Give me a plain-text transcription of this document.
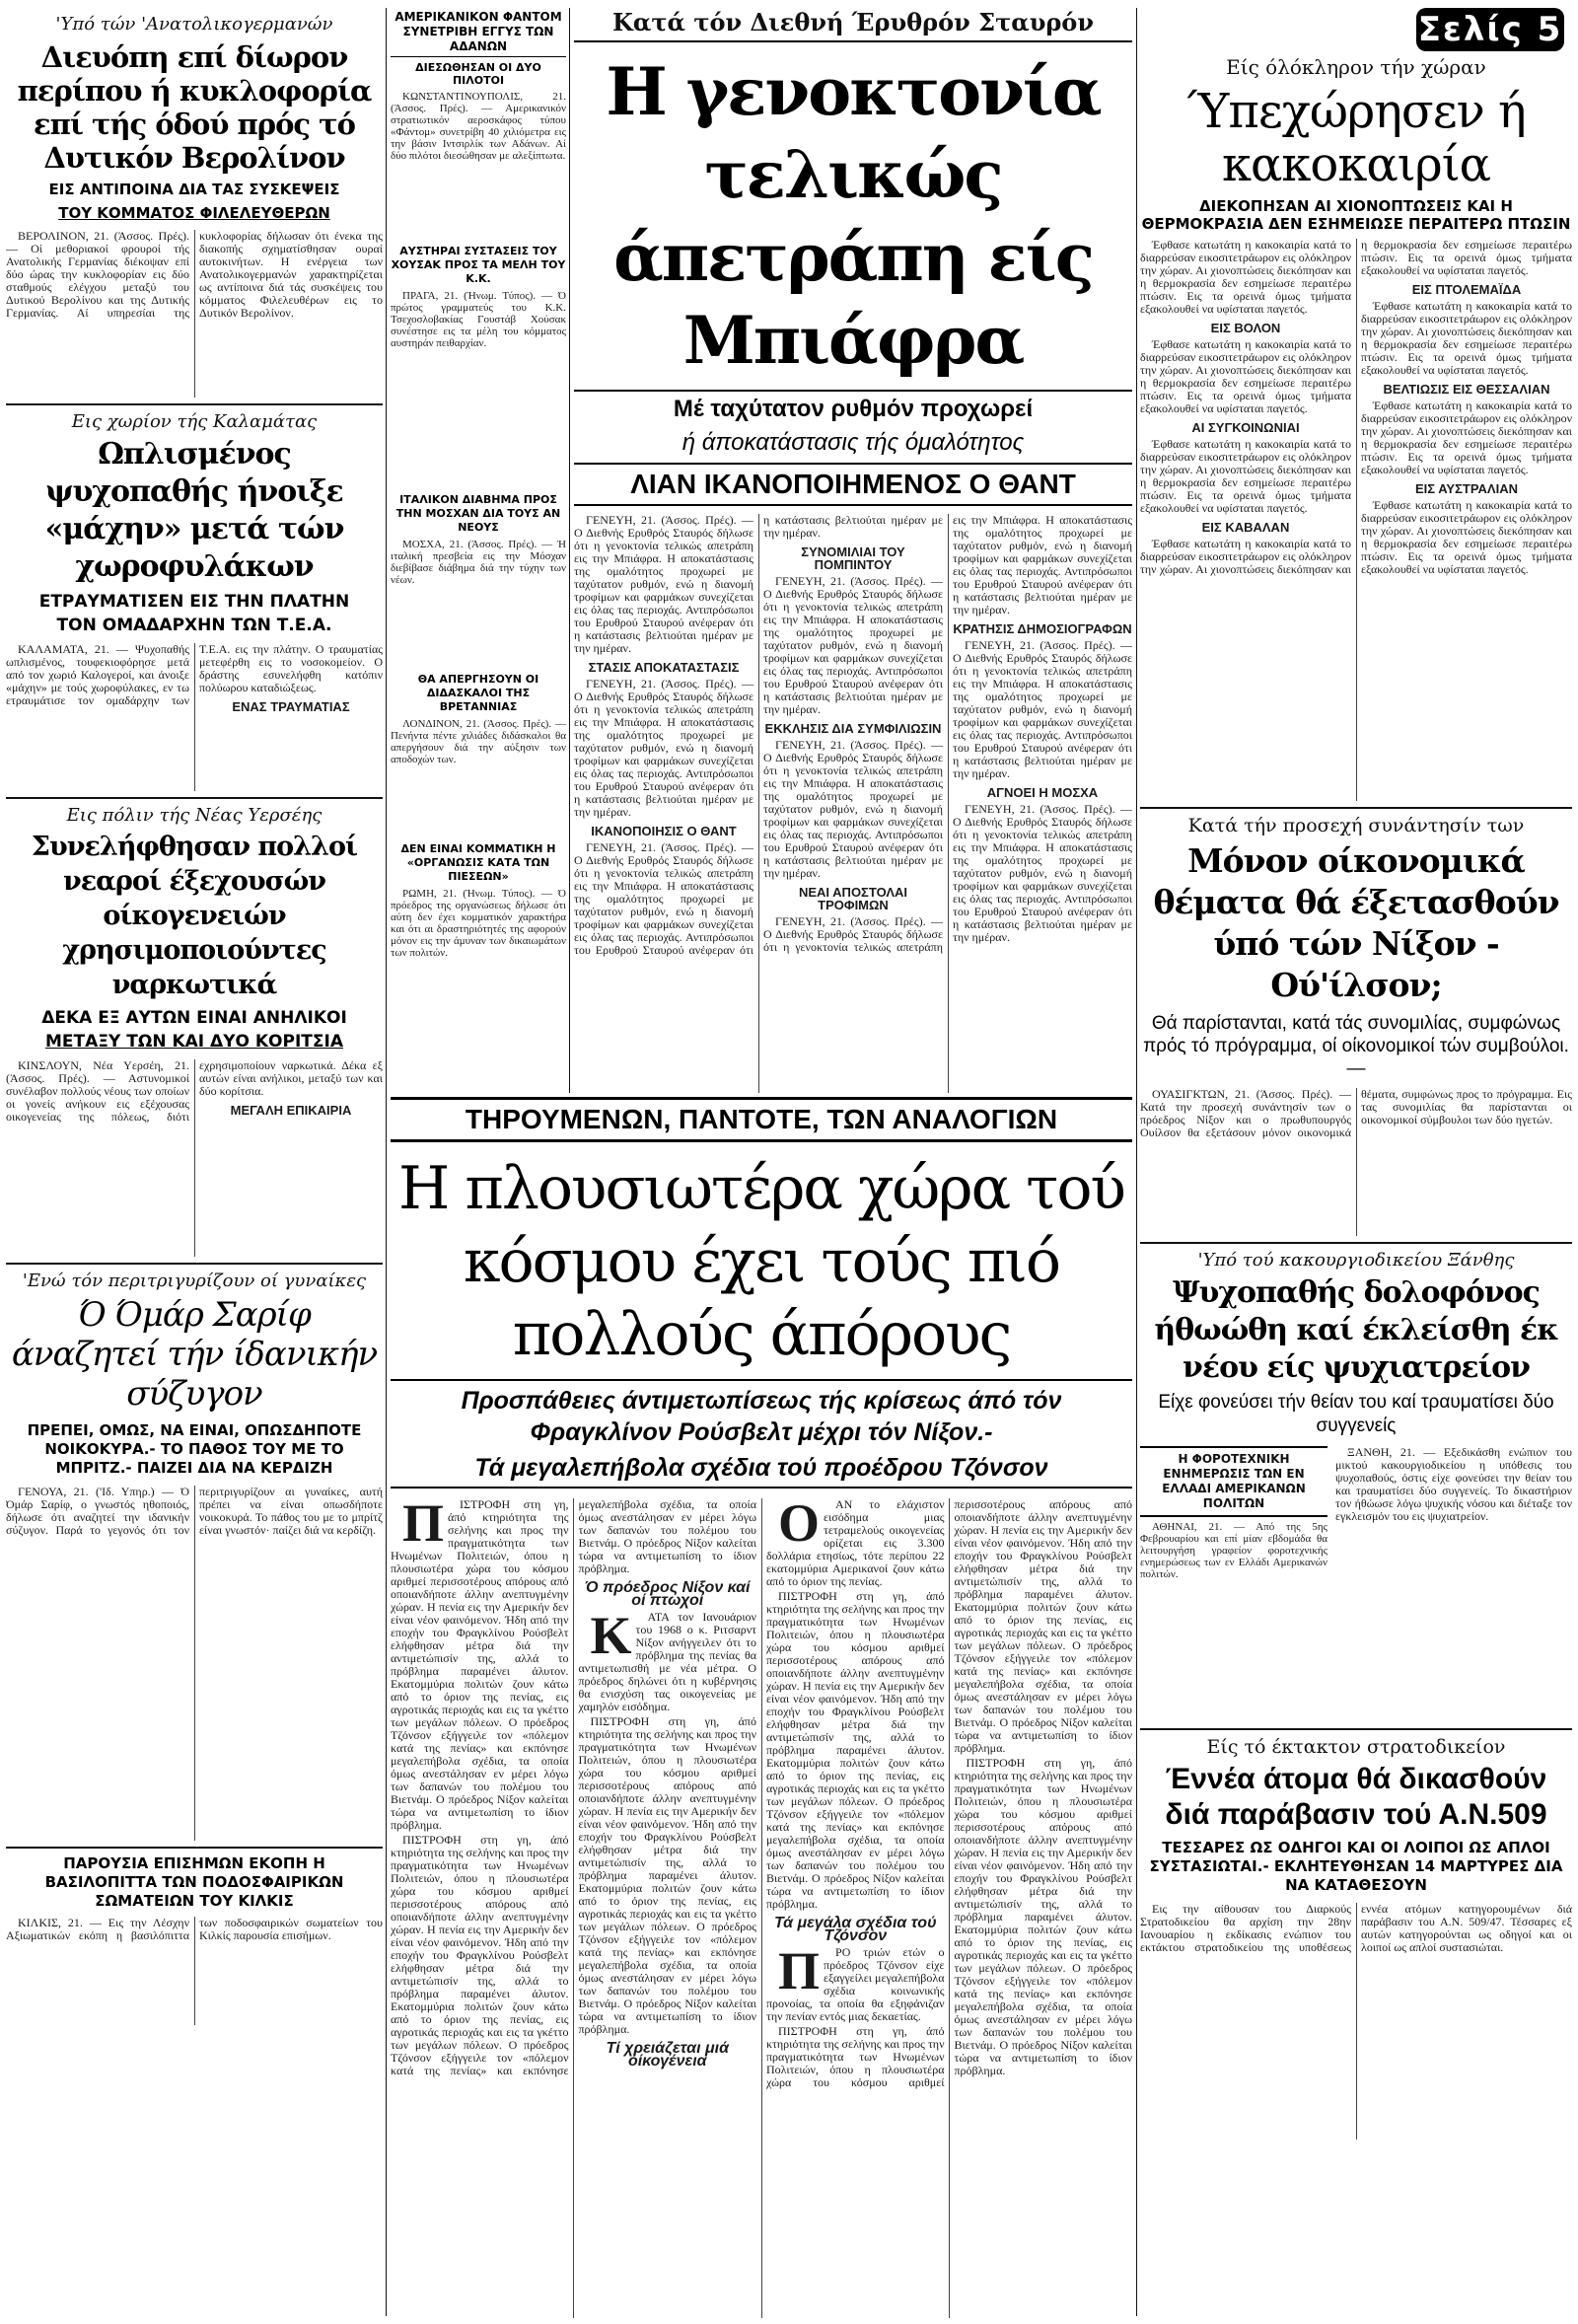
'Υπό τών 'Ανατολικογερμανών
Διευόπη επί δίωρον περίπου ή κυκλοφορία επί τής όδού πρός τό Δυτικόν Βερολίνον
ΕΙΣ ΑΝΤΙΠΟΙΝΑ ΔΙΑ ΤΑΣ ΣΥΣΚΕΨΕΙΣ
ΤΟΥ ΚΟΜΜΑΤΟΣ ΦΙΛΕΛΕΥΘΕΡΩΝ

ΒΕΡΟΛΙΝΟΝ, 21. (Άσσος. Πρές). — Οί μεθοριακοί φρουροί τής Ανατολικής Γερμανίας διέκοψαν επί δύο ώρας την κυκλοφορίαν εις δύο σταθμούς ελέγχου μεταξύ του Δυτικού Βερολίνου και της Δυτικής Γερμανίας. Αί υπηρεσίαι της κυκλοφορίας δήλωσαν ότι ένεκα της διακοπής σχηματίσθησαν ουραί αυτοκινήτων. Η ενέργεια των Ανατολικογερμανών χαρακτηρίζεται ως αντίποινα διά τάς συσκέψεις του κόμματος Φιλελευθέρων εις το Δυτικόν Βερολίνον.

Εις χωρίον τής Καλαμάτας
Ωπλισμένος ψυχοπαθής ήνοιξε «μάχην» μετά τών χωροφυλάκων
ΕΤΡΑΥΜΑΤΙΣΕΝ ΕΙΣ ΤΗΝ ΠΛΑΤΗΝ
ΤΟΝ ΟΜΑΔΑΡΧΗΝ ΤΩΝ Τ.Ε.Α.

ΚΑΛΑΜΑΤΑ, 21. — Ψυχοπαθής ωπλισμένος, τουφεκιοφόρησε μετά από τον χωριό Καλογεροί, και άνοιξε «μάχην» με τούς χωροφύλακες, εν τω ετραυμάτισε τον ομαδάρχην των Τ.Ε.Α. εις την πλάτην. Ο τραυματίας μετεφέρθη εις το νοσοκομείον. Ο δράστης εσυνελήφθη κατόπιν πολύωρου καταδιώξεως.

ΕΝΑΣ ΤΡΑΥΜΑΤΙΑΣ
Εις πόλιν τής Νέας Υερσέης
Συνελήφθησαν πολλοί νεαροί έξεχουσών οίκογενειών χρησιμοποιούντες ναρκωτικά
ΔΕΚΑ ΕΞ ΑΥΤΩΝ ΕΙΝΑΙ ΑΝΗΛΙΚΟΙ
ΜΕΤΑΞΥ ΤΩΝ ΚΑΙ ΔΥΟ ΚΟΡΙΤΣΙΑ

ΚΙΝΣΛΟΥΝ, Νέα Υερσέη, 21. (Άσσος. Πρές). — Αστυνομικοί συνέλαβον πολλούς νέους των οποίων οι γονείς ανήκουν εις εξέχουσας οικογενείας της πόλεως, διότι εχρησιμοποίουν ναρκωτικά. Δέκα εξ αυτών είναι ανήλικοι, μεταξύ των και δύο κορίτσια.

ΜΕΓΑΛΗ ΕΠΙΚΑΙΡΙΑ
'Ενώ τόν περιτριγυρίζουν οί γυναίκες
Ό Όμάρ Σαρίφ άναζητεί τήν ίδανικήν σύζυγον
ΠΡΕΠΕΙ, ΟΜΩΣ, ΝΑ ΕΙΝΑΙ, ΟΠΩΣΔΗΠΟΤΕ ΝΟΙΚΟΚΥΡΑ.- ΤΟ ΠΑΘΟΣ ΤΟΥ ΜΕ ΤΟ ΜΠΡΙΤΖ.- ΠΑΙΖΕΙ ΔΙΑ ΝΑ ΚΕΡΔΙΖΗ

ΓΕΝΟΥΑ, 21. ('Ιδ. Υπηρ.) — Ό Όμάρ Σαρίφ, ο γνωστός ηθοποιός, δήλωσε ότι αναζητεί την ιδανικήν σύζυγον. Παρά το γεγονός ότι τον περιτριγυρίζουν αι γυναίκες, αυτή πρέπει να είναι οπωσδήποτε νοικοκυρά. Το πάθος του με το μπρίτζ είναι γνωστόν· παίζει διά να κερδίζη.

ΠΑΡΟΥΣΙΑ ΕΠΙΣΗΜΩΝ ΕΚΟΠΗ Η ΒΑΣΙΛΟΠΙΤΤΑ ΤΩΝ ΠΟΔΟΣΦΑΙΡΙΚΩΝ ΣΩΜΑΤΕΙΩΝ ΤΟΥ ΚΙΛΚΙΣ

ΚΙΛΚΙΣ, 21. — Εις την Λέσχην Αξιωματικών εκόπη η βασιλόπιττα των ποδοσφαιρικών σωματείων του Κιλκίς παρουσία επισήμων.

ΑΜΕΡΙΚΑΝΙΚΟΝ ΦΑΝΤΟΜ ΣΥΝΕΤΡΙΒΗ ΕΓΓΥΣ ΤΩΝ ΑΔΑΝΩΝ
ΔΙΕΣΩΘΗΣΑΝ ΟΙ ΔΥΟ ΠΙΛΟΤΟΙ

ΚΩΝΣΤΑΝΤΙΝΟΥΠΟΛΙΣ, 21. (Άσσος. Πρές). — Αμερικανικόν στρατιωτικόν αεροσκάφος τύπου «Φάντομ» συνετρίβη 40 χιλιόμετρα εις την βάσιν Ιντσιρλίκ των Αδάνων. Αί δύο πιλότοι διεσώθησαν με αλεξίπτωτα.

ΑΥΣΤΗΡΑΙ ΣΥΣΤΑΣΕΙΣ ΤΟΥ ΧΟΥΣΑΚ ΠΡΟΣ ΤΑ ΜΕΛΗ ΤΟΥ Κ.Κ.

ΠΡΑΓΑ, 21. (Ήνωμ. Τύπος). — Ό πρώτος γραμματεύς του Κ.Κ. Τσεχοσλοβακίας Γουστάβ Χούσακ συνέστησε εις τα μέλη του κόμματος αυστηράν πειθαρχίαν.

ΙΤΑΛΙΚΟΝ ΔΙΑΒΗΜΑ ΠΡΟΣ ΤΗΝ ΜΟΣΧΑΝ ΔΙΑ ΤΟΥΣ ΑΝ ΝΕΟΥΣ

ΜΟΣΧΑ, 21. (Άσσος. Πρές). — Ή ιταλική πρεσβεία εις την Μόσχαν διεβίβασε διάβημα διά την τύχην των νέων.

ΘΑ ΑΠΕΡΓΗΣΟΥΝ ΟΙ ΔΙΔΑΣΚΑΛΟΙ ΤΗΣ ΒΡΕΤΑΝΝΙΑΣ

ΛΟΝΔΙΝΟΝ, 21. (Άσσος. Πρές). — Πενήντα πέντε χιλιάδες διδάσκαλοι θα απεργήσουν διά την αύξησιν των αποδοχών των.

ΔΕΝ ΕΙΝΑΙ ΚΟΜΜΑΤΙΚΗ Η «ΟΡΓΑΝΩΣΙΣ ΚΑΤΑ ΤΩΝ ΠΙΕΣΕΩΝ»

ΡΩΜΗ, 21. (Ήνωμ. Τύπος). — Ό πρόεδρος της οργανώσεως δήλωσε ότι αύτη δεν έχει κομματικόν χαρακτήρα και ότι αι δραστηριότητές της αφορούν μόνον εις την άμυναν των δικαιωμάτων των πολιτών.

Κατά τόν Διεθνή Έρυθρόν Σταυρόν
Η γενοκτονία τελικώς άπετράπη είς Μπιάφρα
Μέ ταχύτατον ρυθμόν προχωρεί
ή άποκατάστασις τής όμαλότητος
ΛΙΑΝ ΙΚΑΝΟΠΟΙΗΜΕΝΟΣ Ο ΘΑΝΤ

ΓΕΝΕΥΗ, 21. (Άσσος. Πρές). — Ο Διεθνής Ερυθρός Σταυρός δήλωσε ότι η γενοκτονία τελικώς απετράπη εις την Μπιάφρα. Η αποκατάστασις της ομαλότητος προχωρεί με ταχύτατον ρυθμόν, ενώ η διανομή τροφίμων και φαρμάκων συνεχίζεται εις όλας τας περιοχάς. Αντιπρόσωποι του Ερυθρού Σταυρού ανέφεραν ότι η κατάστασις βελτιούται ημέραν με την ημέραν.

ΣΤΑΣΙΣ ΑΠΟΚΑΤΑΣΤΑΣΙΣ

ΓΕΝΕΥΗ, 21. (Άσσος. Πρές). — Ο Διεθνής Ερυθρός Σταυρός δήλωσε ότι η γενοκτονία τελικώς απετράπη εις την Μπιάφρα. Η αποκατάστασις της ομαλότητος προχωρεί με ταχύτατον ρυθμόν, ενώ η διανομή τροφίμων και φαρμάκων συνεχίζεται εις όλας τας περιοχάς. Αντιπρόσωποι του Ερυθρού Σταυρού ανέφεραν ότι η κατάστασις βελτιούται ημέραν με την ημέραν.

ΙΚΑΝΟΠΟΙΗΣΙΣ Ο ΘΑΝΤ

ΓΕΝΕΥΗ, 21. (Άσσος. Πρές). — Ο Διεθνής Ερυθρός Σταυρός δήλωσε ότι η γενοκτονία τελικώς απετράπη εις την Μπιάφρα. Η αποκατάστασις της ομαλότητος προχωρεί με ταχύτατον ρυθμόν, ενώ η διανομή τροφίμων και φαρμάκων συνεχίζεται εις όλας τας περιοχάς. Αντιπρόσωποι του Ερυθρού Σταυρού ανέφεραν ότι η κατάστασις βελτιούται ημέραν με την ημέραν.

ΣΥΝΟΜΙΛΙΑΙ ΤΟΥ ΠΟΜΠΙΝΤΟΥ

ΓΕΝΕΥΗ, 21. (Άσσος. Πρές). — Ο Διεθνής Ερυθρός Σταυρός δήλωσε ότι η γενοκτονία τελικώς απετράπη εις την Μπιάφρα. Η αποκατάστασις της ομαλότητος προχωρεί με ταχύτατον ρυθμόν, ενώ η διανομή τροφίμων και φαρμάκων συνεχίζεται εις όλας τας περιοχάς. Αντιπρόσωποι του Ερυθρού Σταυρού ανέφεραν ότι η κατάστασις βελτιούται ημέραν με την ημέραν.

ΕΚΚΛΗΣΙΣ ΔΙΑ ΣΥΜΦΙΛΙΩΣΙΝ

ΓΕΝΕΥΗ, 21. (Άσσος. Πρές). — Ο Διεθνής Ερυθρός Σταυρός δήλωσε ότι η γενοκτονία τελικώς απετράπη εις την Μπιάφρα. Η αποκατάστασις της ομαλότητος προχωρεί με ταχύτατον ρυθμόν, ενώ η διανομή τροφίμων και φαρμάκων συνεχίζεται εις όλας τας περιοχάς. Αντιπρόσωποι του Ερυθρού Σταυρού ανέφεραν ότι η κατάστασις βελτιούται ημέραν με την ημέραν.

ΝΕΑΙ ΑΠΟΣΤΟΛΑΙ ΤΡΟΦΙΜΩΝ

ΓΕΝΕΥΗ, 21. (Άσσος. Πρές). — Ο Διεθνής Ερυθρός Σταυρός δήλωσε ότι η γενοκτονία τελικώς απετράπη εις την Μπιάφρα. Η αποκατάστασις της ομαλότητος προχωρεί με ταχύτατον ρυθμόν, ενώ η διανομή τροφίμων και φαρμάκων συνεχίζεται εις όλας τας περιοχάς. Αντιπρόσωποι του Ερυθρού Σταυρού ανέφεραν ότι η κατάστασις βελτιούται ημέραν με την ημέραν.

ΚΡΑΤΗΣΙΣ ΔΗΜΟΣΙΟΓΡΑΦΩΝ

ΓΕΝΕΥΗ, 21. (Άσσος. Πρές). — Ο Διεθνής Ερυθρός Σταυρός δήλωσε ότι η γενοκτονία τελικώς απετράπη εις την Μπιάφρα. Η αποκατάστασις της ομαλότητος προχωρεί με ταχύτατον ρυθμόν, ενώ η διανομή τροφίμων και φαρμάκων συνεχίζεται εις όλας τας περιοχάς. Αντιπρόσωποι του Ερυθρού Σταυρού ανέφεραν ότι η κατάστασις βελτιούται ημέραν με την ημέραν.

ΑΓΝΟΕΙ Η ΜΟΣΧΑ

ΓΕΝΕΥΗ, 21. (Άσσος. Πρές). — Ο Διεθνής Ερυθρός Σταυρός δήλωσε ότι η γενοκτονία τελικώς απετράπη εις την Μπιάφρα. Η αποκατάστασις της ομαλότητος προχωρεί με ταχύτατον ρυθμόν, ενώ η διανομή τροφίμων και φαρμάκων συνεχίζεται εις όλας τας περιοχάς. Αντιπρόσωποι του Ερυθρού Σταυρού ανέφεραν ότι η κατάστασις βελτιούται ημέραν με την ημέραν.

Σελίς 5
Είς όλόκληρον τήν χώραν
Ύπεχώρησεν ή κακοκαιρία
ΔΙΕΚΟΠΗΣΑΝ ΑΙ ΧΙΟΝΟΠΤΩΣΕΙΣ ΚΑΙ Η ΘΕΡΜΟΚΡΑΣΙΑ ΔΕΝ ΕΣΗΜΕΙΩΣΕ ΠΕΡΑΙΤΕΡΩ ΠΤΩΣΙΝ

Έφθασε κατωτάτη η κακοκαιρία κατά το διαρρεύσαν εικοσιτετράωρον εις ολόκληρον την χώραν. Αι χιονοπτώσεις διεκόπησαν και η θερμοκρασία δεν εσημείωσε περαιτέρω πτώσιν. Εις τα ορεινά όμως τμήματα εξακολουθεί να υφίσταται παγετός.

ΕΙΣ ΒΟΛΟΝ

Έφθασε κατωτάτη η κακοκαιρία κατά το διαρρεύσαν εικοσιτετράωρον εις ολόκληρον την χώραν. Αι χιονοπτώσεις διεκόπησαν και η θερμοκρασία δεν εσημείωσε περαιτέρω πτώσιν. Εις τα ορεινά όμως τμήματα εξακολουθεί να υφίσταται παγετός.

ΑΙ ΣΥΓΚΟΙΝΩΝΙΑΙ

Έφθασε κατωτάτη η κακοκαιρία κατά το διαρρεύσαν εικοσιτετράωρον εις ολόκληρον την χώραν. Αι χιονοπτώσεις διεκόπησαν και η θερμοκρασία δεν εσημείωσε περαιτέρω πτώσιν. Εις τα ορεινά όμως τμήματα εξακολουθεί να υφίσταται παγετός.

ΕΙΣ ΚΑΒΑΛΑΝ

Έφθασε κατωτάτη η κακοκαιρία κατά το διαρρεύσαν εικοσιτετράωρον εις ολόκληρον την χώραν. Αι χιονοπτώσεις διεκόπησαν και η θερμοκρασία δεν εσημείωσε περαιτέρω πτώσιν. Εις τα ορεινά όμως τμήματα εξακολουθεί να υφίσταται παγετός.

ΕΙΣ ΠΤΟΛΕΜΑΪΔΑ

Έφθασε κατωτάτη η κακοκαιρία κατά το διαρρεύσαν εικοσιτετράωρον εις ολόκληρον την χώραν. Αι χιονοπτώσεις διεκόπησαν και η θερμοκρασία δεν εσημείωσε περαιτέρω πτώσιν. Εις τα ορεινά όμως τμήματα εξακολουθεί να υφίσταται παγετός.

ΒΕΛΤΙΩΣΙΣ ΕΙΣ ΘΕΣΣΑΛΙΑΝ

Έφθασε κατωτάτη η κακοκαιρία κατά το διαρρεύσαν εικοσιτετράωρον εις ολόκληρον την χώραν. Αι χιονοπτώσεις διεκόπησαν και η θερμοκρασία δεν εσημείωσε περαιτέρω πτώσιν. Εις τα ορεινά όμως τμήματα εξακολουθεί να υφίσταται παγετός.

ΕΙΣ ΑΥΣΤΡΑΛΙΑΝ

Έφθασε κατωτάτη η κακοκαιρία κατά το διαρρεύσαν εικοσιτετράωρον εις ολόκληρον την χώραν. Αι χιονοπτώσεις διεκόπησαν και η θερμοκρασία δεν εσημείωσε περαιτέρω πτώσιν. Εις τα ορεινά όμως τμήματα εξακολουθεί να υφίσταται παγετός.

Κατά τήν προσεχή συνάντησίν των
Μόνον οίκονομικά θέματα θά έξετασθούν ύπό τών Νίξον - Ού'ίλσον;
Θά παρίστανται, κατά τάς συνομιλίας, συμφώνως πρός τό πρόγραμμα, οί οίκονομικοί τών συμβούλοι.—

ΟΥΑΣΙΓΚΤΩΝ, 21. (Άσσος. Πρές). — Κατά την προσεχή συνάντησίν των ο πρόεδρος Νίξον και ο πρωθυπουργός Ουίλσον θα εξετάσουν μόνον οικονομικά θέματα, συμφώνως προς το πρόγραμμα. Εις τας συνομιλίας θα παρίστανται οι οικονομικοί σύμβουλοι των δύο ηγετών.

'Υπό τού κακουργιοδικείου Ξάνθης
Ψυχοπαθής δολοφόνος ήθωώθη καί έκλείσθη έκ νέου είς ψυχιατρείον
Είχε φονεύσει τήν θείαν του καί τραυματίσει δύο συγγενείς
Η ΦΟΡΟΤΕΧΝΙΚΗ ΕΝΗΜΕΡΩΣΙΣ ΤΩΝ ΕΝ ΕΛΛΑΔΙ ΑΜΕΡΙΚΑΝΩΝ ΠΟΛΙΤΩΝ

ΑΘΗΝΑΙ, 21. — Από της 5ης Φεβρουαρίου και επί μίαν εβδομάδα θα λειτουργήση γραφείον φοροτεχνικής ενημερώσεως των εν Ελλάδι Αμερικανών πολιτών.

ΞΑΝΘΗ, 21. — Εξεδικάσθη ενώπιον του μικτού κακουργιοδικείου η υπόθεσις του ψυχοπαθούς, όστις είχε φονεύσει την θείαν του και τραυματίσει δύο συγγενείς. Το δικαστήριον τον ήθώωσε λόγω ψυχικής νόσου και διέταξε τον εγκλεισμόν του εις ψυχιατρείον.

Είς τό έκτακτον στρατοδικείον
Έννέα άτομα θά δικασθούν διά παράβασιν τού Α.Ν.509
ΤΕΣΣΑΡΕΣ ΩΣ ΟΔΗΓΟΙ ΚΑΙ ΟΙ ΛΟΙΠΟΙ ΩΣ ΑΠΛΟΙ ΣΥΣΤΑΣΙΩΤΑΙ.- ΕΚΛΗΤΕΥΘΗΣΑΝ 14 ΜΑΡΤΥΡΕΣ ΔΙΑ ΝΑ ΚΑΤΑΘΕΣΟΥΝ

Εις την αίθουσαν του Διαρκούς Στρατοδικείου θα αρχίση την 28ην Ιανουαρίου η εκδίκασις ενώπιον του εκτάκτου στρατοδικείου της υποθέσεως εννέα ατόμων κατηγορουμένων διά παράβασιν του Α.Ν. 509/47. Τέσσαρες εξ αυτών κατηγορούνται ως οδηγοί και οι λοιποί ως απλοί συστασιώται.

ΤΗΡΟΥΜΕΝΩΝ, ΠΑΝΤΟΤΕ, ΤΩΝ ΑΝΑΛΟΓΙΩΝ
Η πλουσιωτέρα χώρα τού κόσμου έχει τούς πιό πολλούς άπόρους
Προσπάθειες άντιμετωπίσεως τής κρίσεως άπό τόν Φραγκλίνον Ρούσβελτ μέχρι τόν Νίξον.-
Τά μεγαλεπήβολα σχέδια τού προέδρου Τζόνσον

ΠΙΣΤΡΟΦΗ στη γη, άπό κτηριότητα της σελήνης και προς την πραγματικότητα των Ηνωμένων Πολιτειών, όπου η πλουσιωτέρα χώρα του κόσμου αριθμεί περισσοτέρους απόρους από οποιανδήποτε άλλην ανεπτυγμένην χώραν. Η πενία εις την Αμερικήν δεν είναι νέον φαινόμενον. Ήδη από την εποχήν του Φραγκλίνου Ρούσβελτ ελήφθησαν μέτρα διά την αντιμετώπισίν της, αλλά το πρόβλημα παραμένει άλυτον. Εκατομμύρια πολιτών ζουν κάτω από το όριον της πενίας, εις αγροτικάς περιοχάς και εις τα γκέττο των μεγάλων πόλεων. Ο πρόεδρος Τζόνσον εξήγγειλε τον «πόλεμον κατά της πενίας» και εκπόνησε μεγαλεπήβολα σχέδια, τα οποία όμως ανεστάλησαν εν μέρει λόγω των δαπανών του πολέμου του Βιετνάμ. Ο πρόεδρος Νίξον καλείται τώρα να αντιμετωπίση το ίδιον πρόβλημα.

ΠΙΣΤΡΟΦΗ στη γη, άπό κτηριότητα της σελήνης και προς την πραγματικότητα των Ηνωμένων Πολιτειών, όπου η πλουσιωτέρα χώρα του κόσμου αριθμεί περισσοτέρους απόρους από οποιανδήποτε άλλην ανεπτυγμένην χώραν. Η πενία εις την Αμερικήν δεν είναι νέον φαινόμενον. Ήδη από την εποχήν του Φραγκλίνου Ρούσβελτ ελήφθησαν μέτρα διά την αντιμετώπισίν της, αλλά το πρόβλημα παραμένει άλυτον. Εκατομμύρια πολιτών ζουν κάτω από το όριον της πενίας, εις αγροτικάς περιοχάς και εις τα γκέττο των μεγάλων πόλεων. Ο πρόεδρος Τζόνσον εξήγγειλε τον «πόλεμον κατά της πενίας» και εκπόνησε μεγαλεπήβολα σχέδια, τα οποία όμως ανεστάλησαν εν μέρει λόγω των δαπανών του πολέμου του Βιετνάμ. Ο πρόεδρος Νίξον καλείται τώρα να αντιμετωπίση το ίδιον πρόβλημα.

Ό πρόεδρος Νίξον καί οί πτωχοί

ΚΑΤΑ τον Ιανουάριον του 1968 ο κ. Ριτσαρντ Νίξον ανήγγειλεν ότι το πρόβλημα της πενίας θα αντιμετωπισθή με νέα μέτρα. Ο πρόεδρος δηλώνει ότι η κυβέρνησις θα ενισχύση τας οικογενείας με χαμηλόν εισόδημα.

ΠΙΣΤΡΟΦΗ στη γη, άπό κτηριότητα της σελήνης και προς την πραγματικότητα των Ηνωμένων Πολιτειών, όπου η πλουσιωτέρα χώρα του κόσμου αριθμεί περισσοτέρους απόρους από οποιανδήποτε άλλην ανεπτυγμένην χώραν. Η πενία εις την Αμερικήν δεν είναι νέον φαινόμενον. Ήδη από την εποχήν του Φραγκλίνου Ρούσβελτ ελήφθησαν μέτρα διά την αντιμετώπισίν της, αλλά το πρόβλημα παραμένει άλυτον. Εκατομμύρια πολιτών ζουν κάτω από το όριον της πενίας, εις αγροτικάς περιοχάς και εις τα γκέττο των μεγάλων πόλεων. Ο πρόεδρος Τζόνσον εξήγγειλε τον «πόλεμον κατά της πενίας» και εκπόνησε μεγαλεπήβολα σχέδια, τα οποία όμως ανεστάλησαν εν μέρει λόγω των δαπανών του πολέμου του Βιετνάμ. Ο πρόεδρος Νίξον καλείται τώρα να αντιμετωπίση το ίδιον πρόβλημα.

Τί χρειάζεται μιά οίκογένεια

ΟΑΝ το ελάχιστον εισόδημα μιας τετραμελούς οικογενείας ορίζεται εις 3.300 δολλάρια ετησίως, τότε περίπου 22 εκατομμύρια Αμερικανοί ζουν κάτω από το όριον της πενίας.

ΠΙΣΤΡΟΦΗ στη γη, άπό κτηριότητα της σελήνης και προς την πραγματικότητα των Ηνωμένων Πολιτειών, όπου η πλουσιωτέρα χώρα του κόσμου αριθμεί περισσοτέρους απόρους από οποιανδήποτε άλλην ανεπτυγμένην χώραν. Η πενία εις την Αμερικήν δεν είναι νέον φαινόμενον. Ήδη από την εποχήν του Φραγκλίνου Ρούσβελτ ελήφθησαν μέτρα διά την αντιμετώπισίν της, αλλά το πρόβλημα παραμένει άλυτον. Εκατομμύρια πολιτών ζουν κάτω από το όριον της πενίας, εις αγροτικάς περιοχάς και εις τα γκέττο των μεγάλων πόλεων. Ο πρόεδρος Τζόνσον εξήγγειλε τον «πόλεμον κατά της πενίας» και εκπόνησε μεγαλεπήβολα σχέδια, τα οποία όμως ανεστάλησαν εν μέρει λόγω των δαπανών του πολέμου του Βιετνάμ. Ο πρόεδρος Νίξον καλείται τώρα να αντιμετωπίση το ίδιον πρόβλημα.

Τά μεγάλα σχέδια τού Τζόνσον

ΠΡΟ τριών ετών ο πρόεδρος Τζόνσον είχε εξαγγείλει μεγαλεπήβολα σχέδια κοινωνικής προνοίας, τα οποία θα εξηφάνιζαν την πενίαν εντός μιας δεκαετίας.

ΠΙΣΤΡΟΦΗ στη γη, άπό κτηριότητα της σελήνης και προς την πραγματικότητα των Ηνωμένων Πολιτειών, όπου η πλουσιωτέρα χώρα του κόσμου αριθμεί περισσοτέρους απόρους από οποιανδήποτε άλλην ανεπτυγμένην χώραν. Η πενία εις την Αμερικήν δεν είναι νέον φαινόμενον. Ήδη από την εποχήν του Φραγκλίνου Ρούσβελτ ελήφθησαν μέτρα διά την αντιμετώπισίν της, αλλά το πρόβλημα παραμένει άλυτον. Εκατομμύρια πολιτών ζουν κάτω από το όριον της πενίας, εις αγροτικάς περιοχάς και εις τα γκέττο των μεγάλων πόλεων. Ο πρόεδρος Τζόνσον εξήγγειλε τον «πόλεμον κατά της πενίας» και εκπόνησε μεγαλεπήβολα σχέδια, τα οποία όμως ανεστάλησαν εν μέρει λόγω των δαπανών του πολέμου του Βιετνάμ. Ο πρόεδρος Νίξον καλείται τώρα να αντιμετωπίση το ίδιον πρόβλημα.

ΠΙΣΤΡΟΦΗ στη γη, άπό κτηριότητα της σελήνης και προς την πραγματικότητα των Ηνωμένων Πολιτειών, όπου η πλουσιωτέρα χώρα του κόσμου αριθμεί περισσοτέρους απόρους από οποιανδήποτε άλλην ανεπτυγμένην χώραν. Η πενία εις την Αμερικήν δεν είναι νέον φαινόμενον. Ήδη από την εποχήν του Φραγκλίνου Ρούσβελτ ελήφθησαν μέτρα διά την αντιμετώπισίν της, αλλά το πρόβλημα παραμένει άλυτον. Εκατομμύρια πολιτών ζουν κάτω από το όριον της πενίας, εις αγροτικάς περιοχάς και εις τα γκέττο των μεγάλων πόλεων. Ο πρόεδρος Τζόνσον εξήγγειλε τον «πόλεμον κατά της πενίας» και εκπόνησε μεγαλεπήβολα σχέδια, τα οποία όμως ανεστάλησαν εν μέρει λόγω των δαπανών του πολέμου του Βιετνάμ. Ο πρόεδρος Νίξον καλείται τώρα να αντιμετωπίση το ίδιον πρόβλημα.
